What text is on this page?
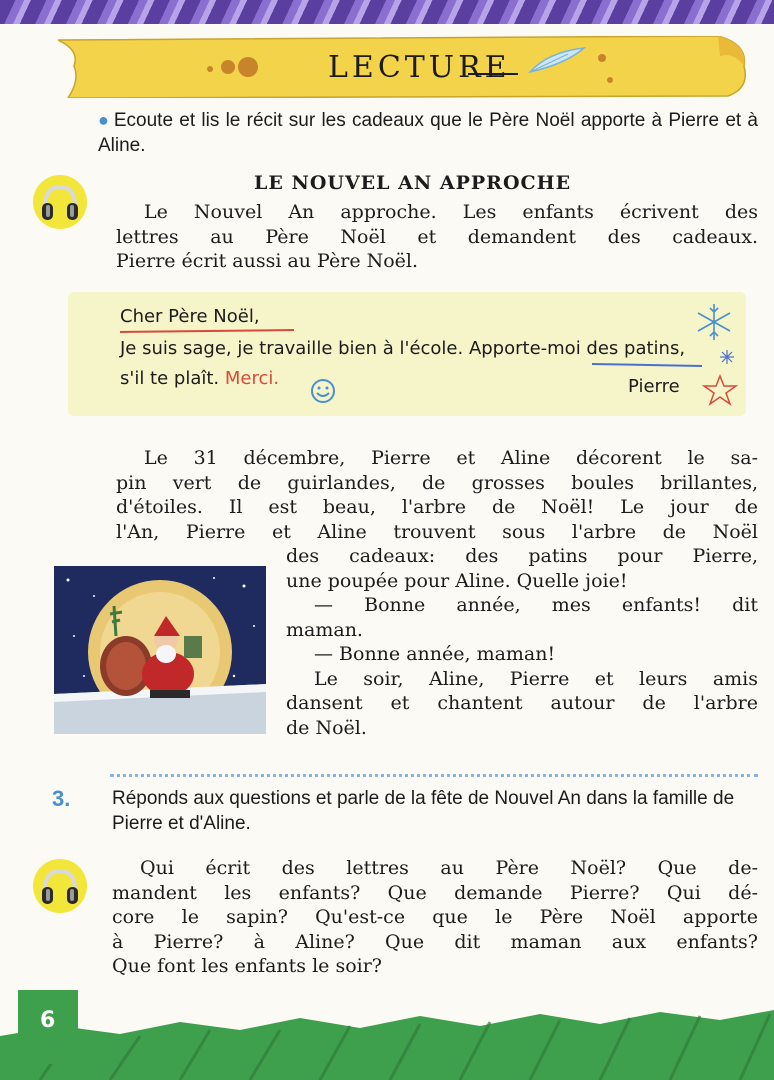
LECTURE
● Ecoute et lis le récit sur les cadeaux que le Père Noël apporte à Pierre et à Aline.
LE NOUVEL AN APPROCHE
Le Nouvel An approche. Les enfants écrivent des
lettres au Père Noël et demandent des cadeaux.
Pierre écrit aussi au Père Noël.
Cher Père Noël,
Je suis sage, je travaille bien à l'école. Apporte-moi des patins,
s'il te plaît. Merci.	Pierre
Le 31 décembre, Pierre et Aline décorent le sa-
pin vert de guirlandes, de grosses boules brillantes,
d'étoiles. Il est beau, l'arbre de Noël! Le jour de
l'An, Pierre et Aline trouvent sous l'arbre de Noël
des cadeaux: des patins pour Pierre,
une poupée pour Aline. Quelle joie!
— Bonne année, mes enfants! dit
maman.
— Bonne année, maman!
Le soir, Aline, Pierre et leurs amis
dansent et chantent autour de l'arbre
de Noël.
3. Réponds aux questions et parle de la fête de Nouvel An dans la famille de Pierre et d'Aline.
Qui écrit des lettres au Père Noël? Que de-
mandent les enfants? Que demande Pierre? Qui dé-
core le sapin? Qu'est-ce que le Père Noël apporte
à Pierre? à Aline? Que dit maman aux enfants?
Que font les enfants le soir?
6
